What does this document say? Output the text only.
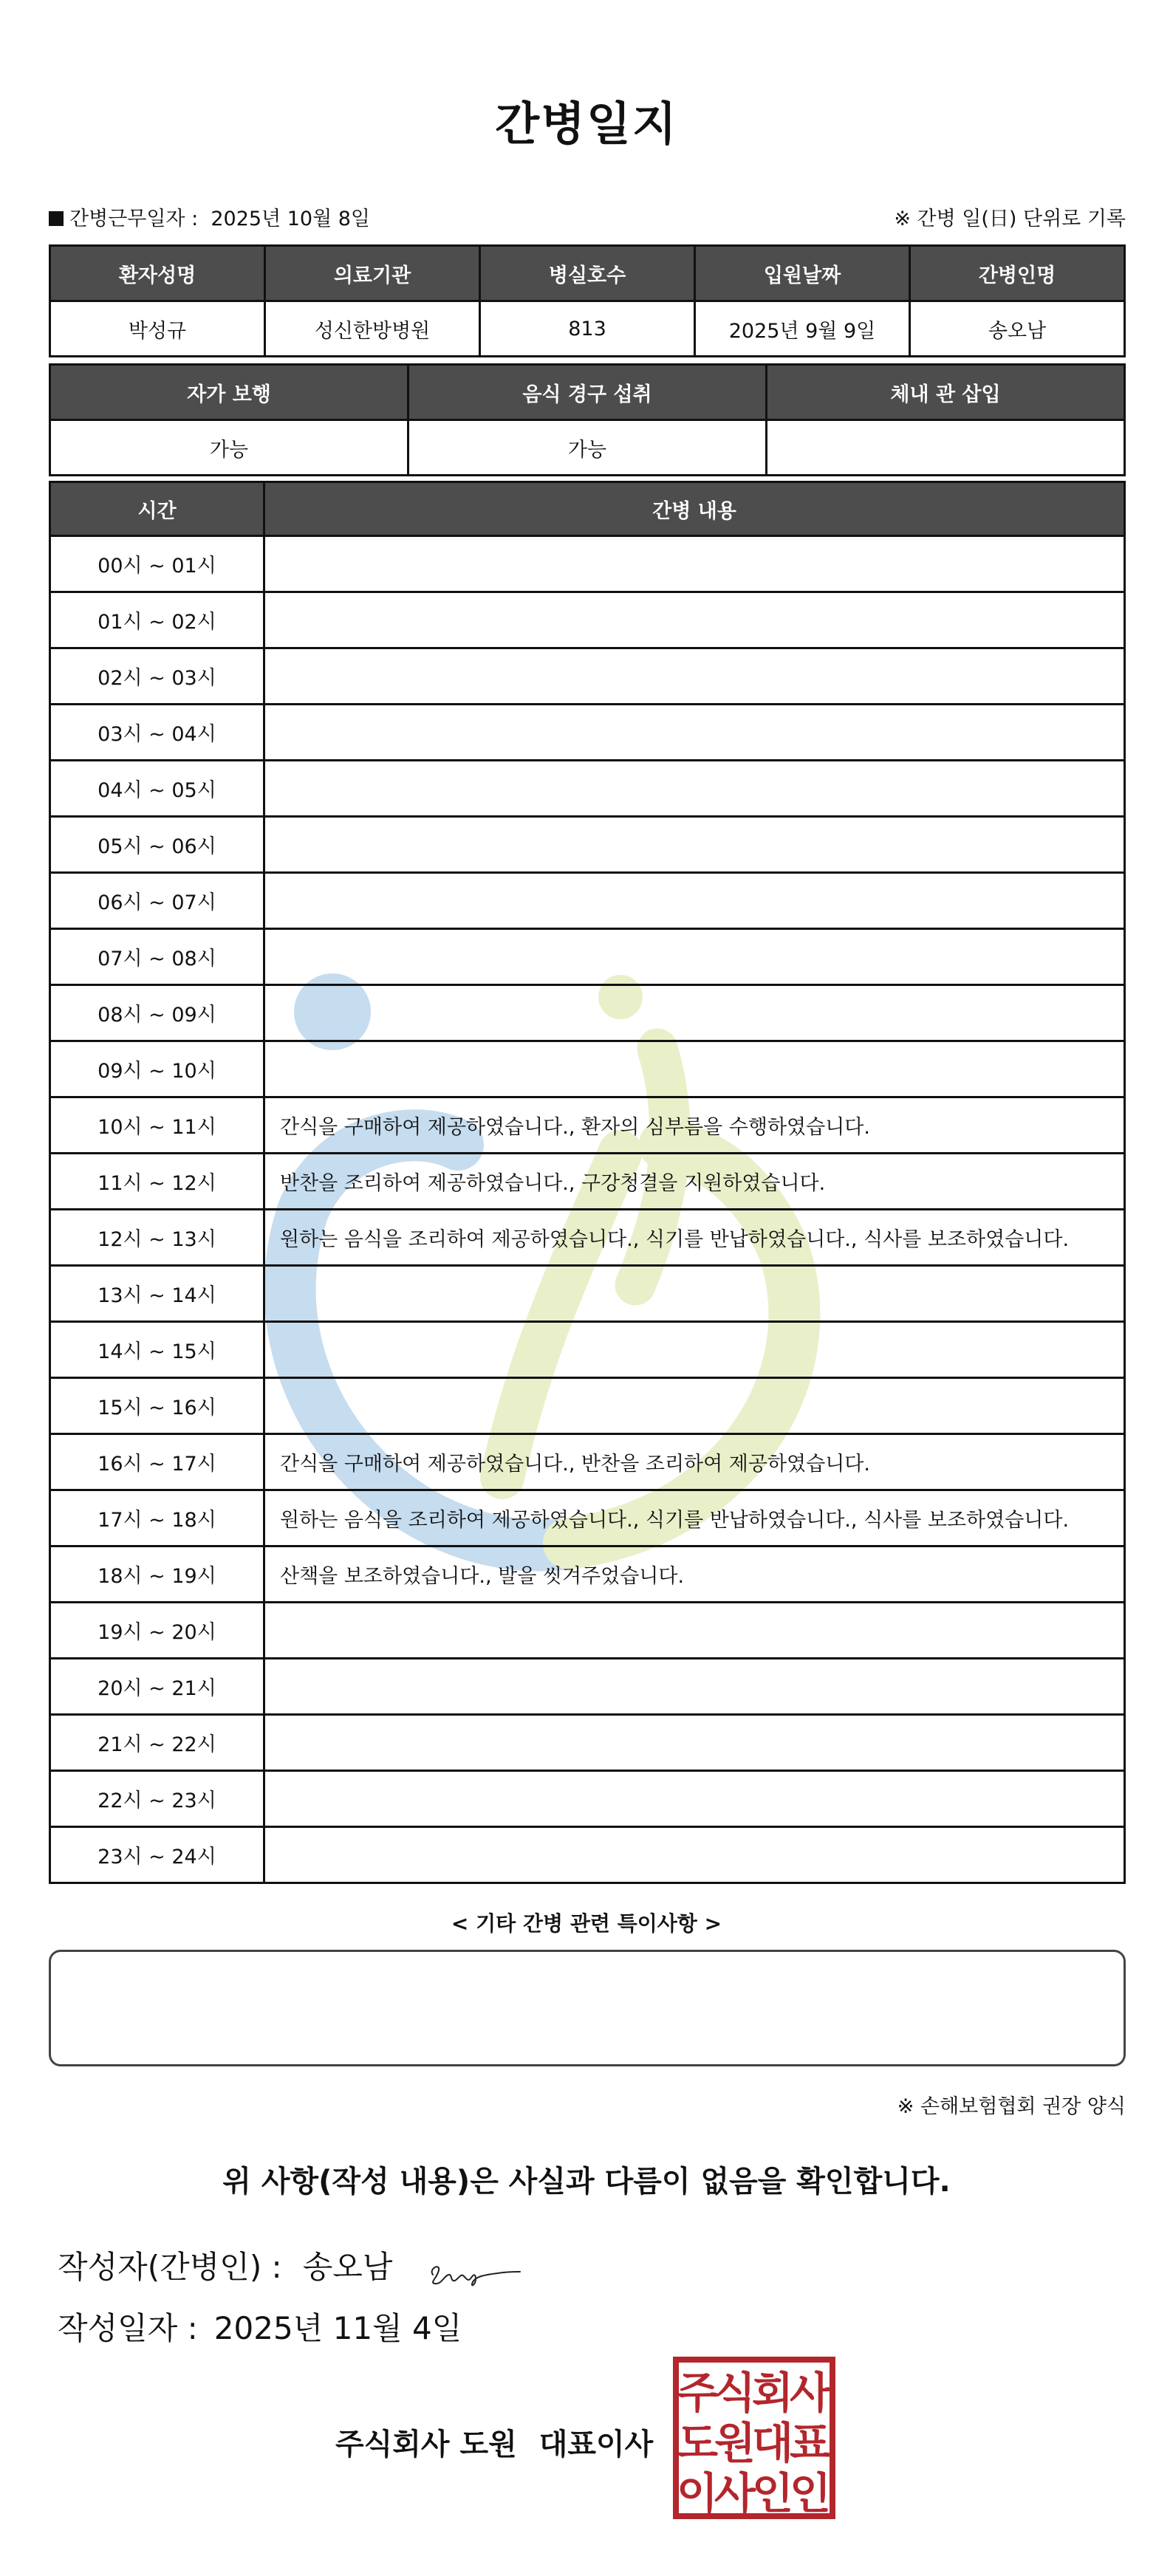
간병일지
간병근무일자 : 2025년 10월 8일	※ 간병 일(日) 단위로 기록
환자성명	의료기관	병실호수	입원날짜	간병인명
박성규	성신한방병원	813	2025년 9월 9일	송오남
자가 보행	음식 경구 섭취	체내 관 삽입
가능	가능	
시간	간병 내용
00시 ~ 01시	
01시 ~ 02시	
02시 ~ 03시	
03시 ~ 04시	
04시 ~ 05시	
05시 ~ 06시	
06시 ~ 07시	
07시 ~ 08시	
08시 ~ 09시	
09시 ~ 10시	
10시 ~ 11시	간식을 구매하여 제공하였습니다., 환자의 심부름을 수행하였습니다.
11시 ~ 12시	반찬을 조리하여 제공하였습니다., 구강청결을 지원하였습니다.
12시 ~ 13시	원하는 음식을 조리하여 제공하였습니다., 식기를 반납하였습니다., 식사를 보조하였습니다.
13시 ~ 14시	
14시 ~ 15시	
15시 ~ 16시	
16시 ~ 17시	간식을 구매하여 제공하였습니다., 반찬을 조리하여 제공하였습니다.
17시 ~ 18시	원하는 음식을 조리하여 제공하였습니다., 식기를 반납하였습니다., 식사를 보조하였습니다.
18시 ~ 19시	산책을 보조하였습니다., 발을 씻겨주었습니다.
19시 ~ 20시	
20시 ~ 21시	
21시 ~ 22시	
22시 ~ 23시	
23시 ~ 24시	
< 기타 간병 관련 특이사항 >
※ 손해보험협회 권장 양식
위 사항(작성 내용)은 사실과 다름이 없음을 확인합니다.
작성자(간병인) : 송오남
작성일자 : 2025년 11월 4일
주식회사 도원 대표이사
주
식
회
사
도
원
대
표
이
사
인
인
